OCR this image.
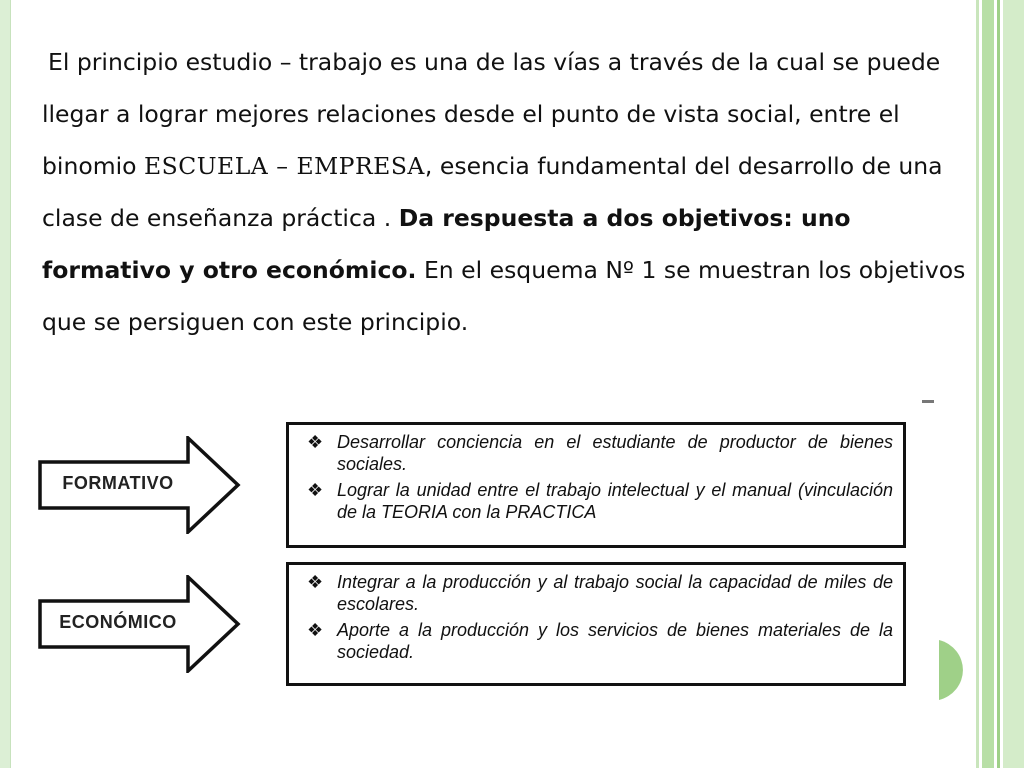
El principio estudio – trabajo es una de las vías a través de la cual se puede llegar a lograr mejores relaciones desde el punto de vista social, entre el binomio ESCUELA – EMPRESA, esencia fundamental del desarrollo de una clase de enseñanza práctica . Da respuesta a dos objetivos: uno formativo y otro económico. En el esquema Nº 1 se muestran los objetivos que se persiguen con este principio.

FORMATIVO
❖ Desarrollar conciencia en el estudiante de productor de bienes sociales.
❖ Lograr la unidad entre el trabajo intelectual y el manual (vinculación de la TEORIA con la PRACTICA
ECONÓMICO
❖ Integrar a la producción y al trabajo social la capacidad de miles de escolares.
❖ Aporte a la producción y los servicios de bienes materiales de la sociedad.
